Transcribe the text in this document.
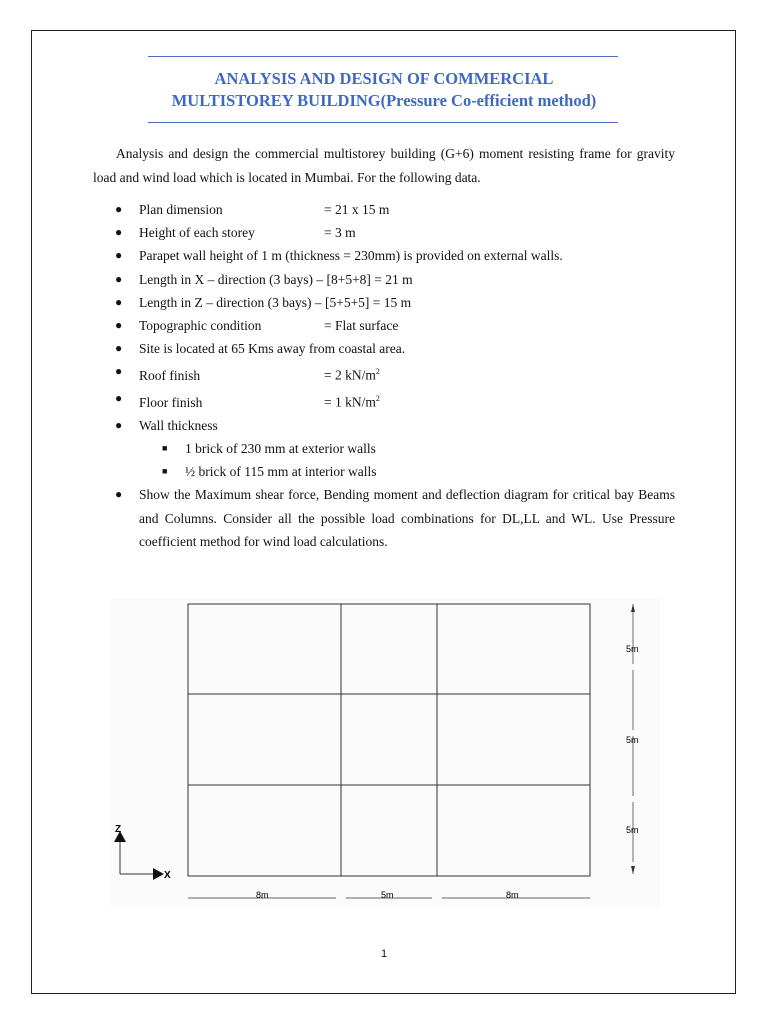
ANALYSIS AND DESIGN OF COMMERCIAL
MULTISTOREY BUILDING(Pressure Co-efficient method)

Analysis and design the commercial multistorey building (G+6) moment resisting frame for gravity load and wind load which is located in Mumbai. For the following data.

● Plan dimension	= 21 x 15 m
● Height of each storey	= 3 m
● Parapet wall height of 1 m (thickness = 230mm) is provided on external walls.
● Length in X – direction (3 bays) – [8+5+8] = 21 m
● Length in Z – direction (3 bays) – [5+5+5] = 15 m
● Topographic condition	= Flat surface
● Site is located at 65 Kms away from coastal area.
● Roof finish	= 2 $kN/m^2$
● Floor finish	= 1 $kN/m^2$
● Wall thickness
■ 1 brick of 230 mm at exterior walls
■ ½ brick of 115 mm at interior walls
● Show the Maximum shear force, Bending moment and deflection diagram for critical bay Beams and Columns. Consider all the possible load combinations for DL,LL and WL. Use Pressure coefficient method for wind load calculations.
5m
5m
5m
8m	5m	8m
Z
X
1
